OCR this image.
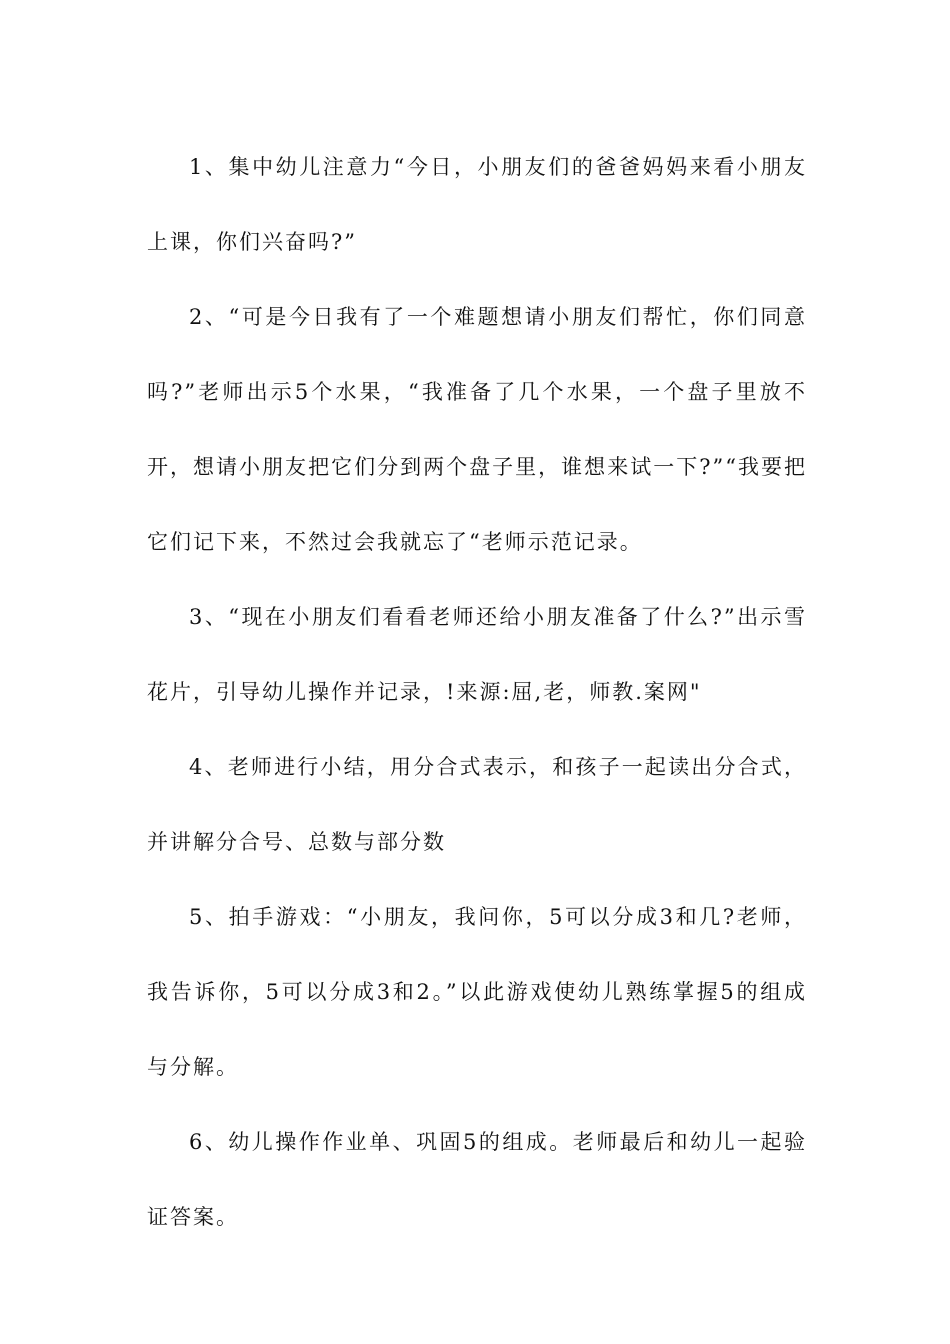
1、集中幼儿注意力“今日，小朋友们的爸爸妈妈来看小朋友上课，你们兴奋吗?”

2、“可是今日我有了一个难题想请小朋友们帮忙，你们同意吗?”老师出示5个水果，“我准备了几个水果，一个盘子里放不开，想请小朋友把它们分到两个盘子里，谁想来试一下?”“我要把它们记下来，不然过会我就忘了“老师示范记录。

3、“现在小朋友们看看老师还给小朋友准备了什么?”出示雪花片，引导幼儿操作并记录，!来源:屈,老，师教.案网"

4、老师进行小结，用分合式表示，和孩子一起读出分合式，并讲解分合号、总数与部分数

5、拍手游戏：“小朋友，我问你，5可以分成3和几?老师，我告诉你，5可以分成3和2。”以此游戏使幼儿熟练掌握5的组成与分解。

6、幼儿操作作业单、巩固5的组成。老师最后和幼儿一起验证答案。
